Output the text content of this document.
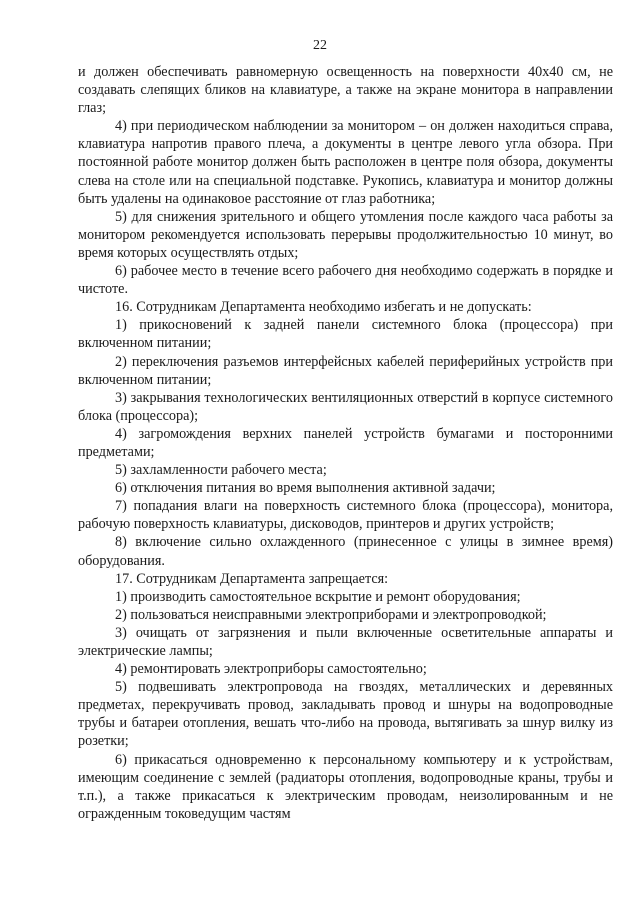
22

и должен обеспечивать равномерную освещенность на поверхности 40x40 см, не создавать слепящих бликов на клавиатуре, а также на экране монитора в направлении глаз;

4) при периодическом наблюдении за монитором – он должен находиться справа, клавиатура напротив правого плеча, а документы в центре левого угла обзора. При постоянной работе монитор должен быть расположен в центре поля обзора, документы слева на столе или на специальной подставке. Рукопись, клавиатура и монитор должны быть удалены на одинаковое расстояние от глаз работника;

5) для снижения зрительного и общего утомления после каждого часа работы за монитором рекомендуется использовать перерывы продолжительностью 10 минут, во время которых осуществлять отдых;

6) рабочее место в течение всего рабочего дня необходимо содержать в порядке и чистоте.

16. Сотрудникам Департамента необходимо избегать и не допускать:

1) прикосновений к задней панели системного блока (процессора) при включенном питании;

2) переключения разъемов интерфейсных кабелей периферийных устройств при включенном питании;

3) закрывания технологических вентиляционных отверстий в корпусе системного блока (процессора);

4) загромождения верхних панелей устройств бумагами и посторонними предметами;

5) захламленности рабочего места;

6) отключения питания во время выполнения активной задачи;

7) попадания влаги на поверхность системного блока (процессора), монитора, рабочую поверхность клавиатуры, дисководов, принтеров и других устройств;

8) включение сильно охлажденного (принесенное с улицы в зимнее время) оборудования.

17. Сотрудникам Департамента запрещается:

1) производить самостоятельное вскрытие и ремонт оборудования;

2) пользоваться неисправными электроприборами и электропроводкой;

3) очищать от загрязнения и пыли включенные осветительные аппараты и электрические лампы;

4) ремонтировать электроприборы самостоятельно;

5) подвешивать электропровода на гвоздях, металлических и деревянных предметах, перекручивать провод, закладывать провод и шнуры на водопроводные трубы и батареи отопления, вешать что-либо на провода, вытягивать за шнур вилку из розетки;

6) прикасаться одновременно к персональному компьютеру и к устройствам, имеющим соединение с землей (радиаторы отопления, водопроводные краны, трубы и т.п.), а также прикасаться к электрическим проводам, неизолированным и не огражденным токоведущим частям
